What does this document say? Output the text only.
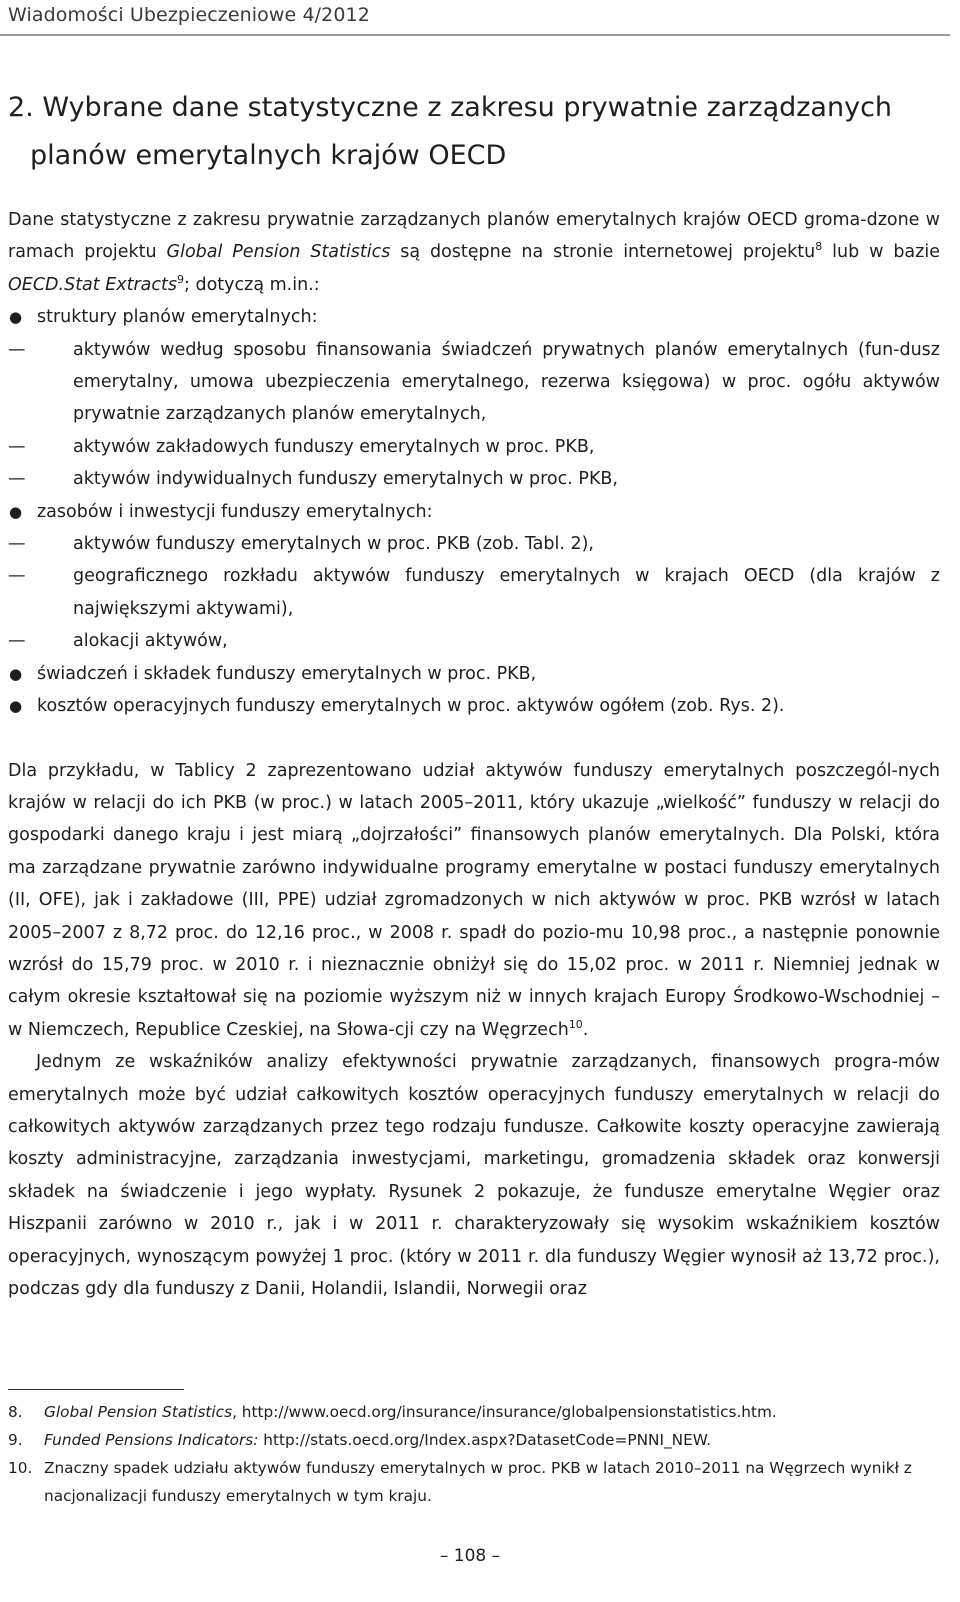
Wiadomości Ubezpieczeniowe 4/2012
2. Wybrane dane statystyczne z zakresu prywatnie zarządzanych planów emerytalnych krajów OECD

Dane statystyczne z zakresu prywatnie zarządzanych planów emerytalnych krajów OECD groma-dzone w ramach projektu Global Pension Statistics są dostępne na stronie internetowej projektu$^8$ lub w bazie OECD.Stat Extracts$^9$; dotyczą m.in.:

● struktury planów emerytalnych:
—	aktywów według sposobu finansowania świadczeń prywatnych planów emerytalnych (fun-dusz emerytalny, umowa ubezpieczenia emerytalnego, rezerwa księgowa) w proc. ogółu aktywów prywatnie zarządzanych planów emerytalnych,
—	aktywów zakładowych funduszy emerytalnych w proc. PKB,
—	aktywów indywidualnych funduszy emerytalnych w proc. PKB,
● zasobów i inwestycji funduszy emerytalnych:
—	aktywów funduszy emerytalnych w proc. PKB (zob. Tabl. 2),
—	geograficznego rozkładu aktywów funduszy emerytalnych w krajach OECD (dla krajów z największymi aktywami),
—	alokacji aktywów,
● świadczeń i składek funduszy emerytalnych w proc. PKB,
● kosztów operacyjnych funduszy emerytalnych w proc. aktywów ogółem (zob. Rys. 2).

Dla przykładu, w Tablicy 2 zaprezentowano udział aktywów funduszy emerytalnych poszczegól-nych krajów w relacji do ich PKB (w proc.) w latach 2005–2011, który ukazuje „wielkość” funduszy w relacji do gospodarki danego kraju i jest miarą „dojrzałości” finansowych planów emerytalnych. Dla Polski, która ma zarządzane prywatnie zarówno indywidualne programy emerytalne w postaci funduszy emerytalnych (II, OFE), jak i zakładowe (III, PPE) udział zgromadzonych w nich aktywów w proc. PKB wzrósł w latach 2005–2007 z 8,72 proc. do 12,16 proc., w 2008 r. spadł do pozio-mu 10,98 proc., a następnie ponownie wzrósł do 15,79 proc. w 2010 r. i nieznacznie obniżył się do 15,02 proc. w 2011 r. Niemniej jednak w całym okresie kształtował się na poziomie wyższym niż w innych krajach Europy Środkowo-Wschodniej – w Niemczech, Republice Czeskiej, na Słowa-cji czy na Węgrzech$^{10}$.

Jednym ze wskaźników analizy efektywności prywatnie zarządzanych, finansowych progra-mów emerytalnych może być udział całkowitych kosztów operacyjnych funduszy emerytalnych w relacji do całkowitych aktywów zarządzanych przez tego rodzaju fundusze. Całkowite koszty operacyjne zawierają koszty administracyjne, zarządzania inwestycjami, marketingu, gromadzenia składek oraz konwersji składek na świadczenie i jego wypłaty. Rysunek 2 pokazuje, że fundusze emerytalne Węgier oraz Hiszpanii zarówno w 2010 r., jak i w 2011 r. charakteryzowały się wysokim wskaźnikiem kosztów operacyjnych, wynoszącym powyżej 1 proc. (który w 2011 r. dla funduszy Węgier wynosił aż 13,72 proc.), podczas gdy dla funduszy z Danii, Holandii, Islandii, Norwegii oraz

8. Global Pension Statistics, http://www.oecd.org/insurance/insurance/globalpensionstatistics.htm.
9. Funded Pensions Indicators: http://stats.oecd.org/Index.aspx?DatasetCode=PNNI_NEW.
10. Znaczny spadek udziału aktywów funduszy emerytalnych w proc. PKB w latach 2010–2011 na Węgrzech wynikł z nacjonalizacji funduszy emerytalnych w tym kraju.
– 108 –
